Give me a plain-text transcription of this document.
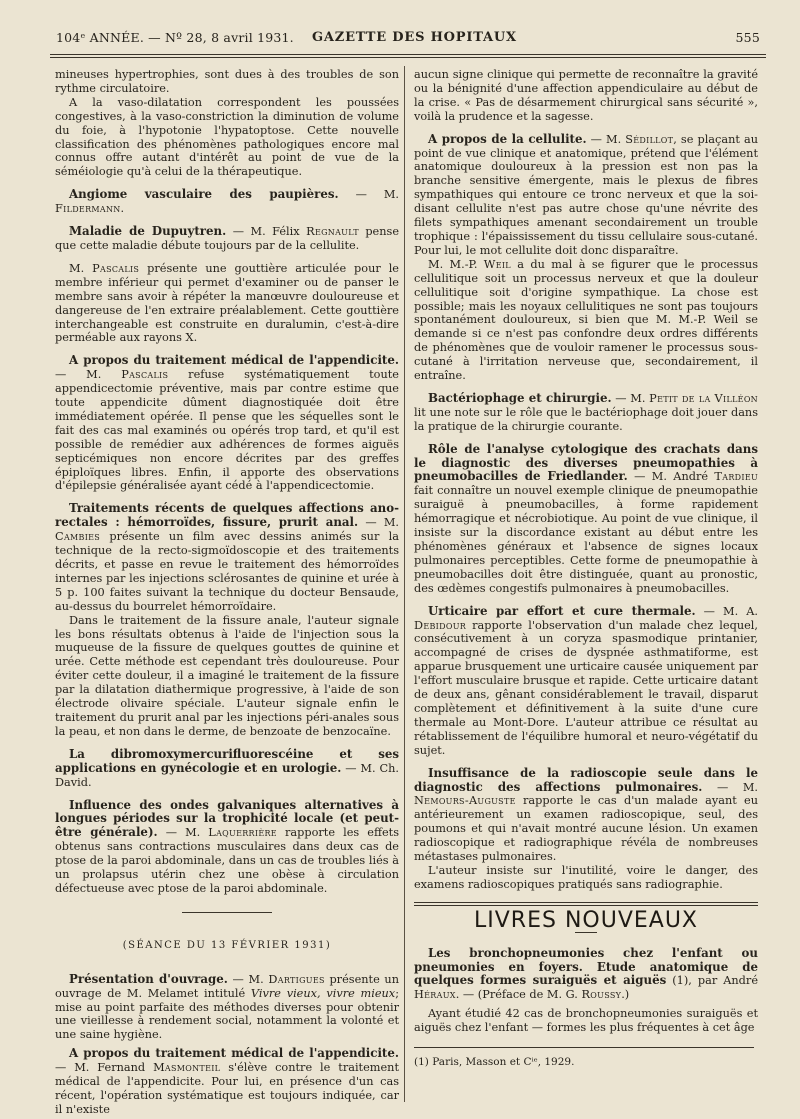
104ᵉ ANNÉE. — Nº 28, 8 avril 1931. GAZETTE DES HOPITAUX	555

mineuses hypertrophies, sont dues à des troubles de son rythme circulatoire.

A la vaso-dilatation correspondent les poussées congestives, à la vaso-constriction la diminution de volume du foie, à l'hypotonie l'hypatoptose. Cette nouvelle classification des phénomènes pathologiques encore mal connus offre autant d'intérêt au point de vue de la séméiologie qu'à celui de la thérapeutique.

Angiome vasculaire des paupières. — M. Fildermann.

Maladie de Dupuytren. — M. Félix Regnault pense que cette maladie débute toujours par de la cellulite.

M. Pascalis présente une gouttière articulée pour le membre inférieur qui permet d'examiner ou de panser le membre sans avoir à répéter la manœuvre douloureuse et dangereuse de l'en extraire préalablement. Cette gouttière interchangeable est construite en duralumin, c'est-à-dire perméable aux rayons X.

A propos du traitement médical de l'appendicite. — M. Pascalis refuse systématiquement toute appendicectomie préventive, mais par contre estime que toute appendicite dûment diagnostiquée doit être immédiatement opérée. Il pense que les séquelles sont le fait des cas mal examinés ou opérés trop tard, et qu'il est possible de remédier aux adhérences de formes aiguës septicémiques non encore décrites par des greffes épiploïques libres. Enfin, il apporte des observations d'épilepsie généralisée ayant cédé à l'appendicectomie.

Traitements récents de quelques affections ano-rectales : hémorroïdes, fissure, prurit anal. — M. Cambies présente un film avec dessins animés sur la technique de la recto-sigmoïdoscopie et des traitements décrits, et passe en revue le traitement des hémorroïdes internes par les injections sclérosantes de quinine et urée à 5 p. 100 faites suivant la technique du docteur Bensaude, au-dessus du bourrelet hémorroïdaire.

Dans le traitement de la fissure anale, l'auteur signale les bons résultats obtenus à l'aide de l'injection sous la muqueuse de la fissure de quelques gouttes de quinine et urée. Cette méthode est cependant très douloureuse. Pour éviter cette douleur, il a imaginé le traitement de la fissure par la dilatation diathermique progressive, à l'aide de son électrode olivaire spéciale. L'auteur signale enfin le traitement du prurit anal par les injections péri-anales sous la peau, et non dans le derme, de benzoate de benzocaïne.

La dibromoxymercurifluorescéine et ses applications en gynécologie et en urologie. — M. Ch. David.

Influence des ondes galvaniques alternatives à longues périodes sur la trophicité locale (et peut-être générale). — M. Laquerrière rapporte les effets obtenus sans contractions musculaires dans deux cas de ptose de la paroi abdominale, dans un cas de troubles liés à un prolapsus utérin chez une obèse à circulation défectueuse avec ptose de la paroi abdominale.

(SÉANCE DU 13 FÉVRIER 1931)

Présentation d'ouvrage. — M. Dartigues présente un ouvrage de M. Melamet intitulé Vivre vieux, vivre mieux; mise au point parfaite des méthodes diverses pour obtenir une vieillesse à rendement social, notamment la volonté et une saine hygiène.

A propos du traitement médical de l'appendicite. — M. Fernand Masmonteil s'élève contre le traitement médical de l'appendicite. Pour lui, en présence d'un cas récent, l'opération systématique est toujours indiquée, car il n'existe

aucun signe clinique qui permette de reconnaître la gravité ou la bénignité d'une affection appendiculaire au début de la crise. « Pas de désarmement chirurgical sans sécurité », voilà la prudence et la sagesse.

A propos de la cellulite. — M. Sédillot, se plaçant au point de vue clinique et anatomique, prétend que l'élément anatomique douloureux à la pression est non pas la branche sensitive émergente, mais le plexus de fibres sympathiques qui entoure ce tronc nerveux et que la soi-disant cellulite n'est pas autre chose qu'une névrite des filets sympathiques amenant secondairement un trouble trophique : l'épaississement du tissu cellulaire sous-cutané. Pour lui, le mot cellulite doit donc disparaître.

M. M.-P. Weil a du mal à se figurer que le processus cellulitique soit un processus nerveux et que la douleur cellulitique soit d'origine sympathique. La chose est possible; mais les noyaux cellulitiques ne sont pas toujours spontanément douloureux, si bien que M. M.-P. Weil se demande si ce n'est pas confondre deux ordres différents de phénomènes que de vouloir ramener le processus sous-cutané à l'irritation nerveuse que, secondairement, il entraîne.

Bactériophage et chirurgie. — M. Petit de la Villéon lit une note sur le rôle que le bactériophage doit jouer dans la pratique de la chirurgie courante.

Rôle de l'analyse cytologique des crachats dans le diagnostic des diverses pneumopathies à pneumobacilles de Friedlander. — M. André Tardieu fait connaître un nouvel exemple clinique de pneumopathie suraiguë à pneumobacilles, à forme rapidement hémorragique et nécrobiotique. Au point de vue clinique, il insiste sur la discordance existant au début entre les phénomènes généraux et l'absence de signes locaux pulmonaires perceptibles. Cette forme de pneumopathie à pneumobacilles doit être distinguée, quant au pronostic, des œdèmes congestifs pulmonaires à pneumobacilles.

Urticaire par effort et cure thermale. — M. A. Debidour rapporte l'observation d'un malade chez lequel, consécutivement à un coryza spasmodique printanier, accompagné de crises de dyspnée asthmatiforme, est apparue brusquement une urticaire causée uniquement par l'effort musculaire brusque et rapide. Cette urticaire datant de deux ans, gênant considérablement le travail, disparut complètement et définitivement à la suite d'une cure thermale au Mont-Dore. L'auteur attribue ce résultat au rétablissement de l'équilibre humoral et neuro-végétatif du sujet.

Insuffisance de la radioscopie seule dans le diagnostic des affections pulmonaires. — M. Nemours-Auguste rapporte le cas d'un malade ayant eu antérieurement un examen radioscopique, seul, des poumons et qui n'avait montré aucune lésion. Un examen radioscopique et radiographique révéla de nombreuses métastases pulmonaires.

L'auteur insiste sur l'inutilité, voire le danger, des examens radioscopiques pratiqués sans radiographie.

LIVRES NOUVEAUX

Les bronchopneumonies chez l'enfant ou pneumonies en foyers. Etude anatomique de quelques formes suraiguës et aiguës (1), par André Héraux. — (Préface de M. G. Roussy.)

Ayant étudié 42 cas de bronchopneumonies suraiguës et aiguës chez l'enfant — formes les plus fréquentes à cet âge

(1) Paris, Masson et Cⁱᵉ, 1929.
